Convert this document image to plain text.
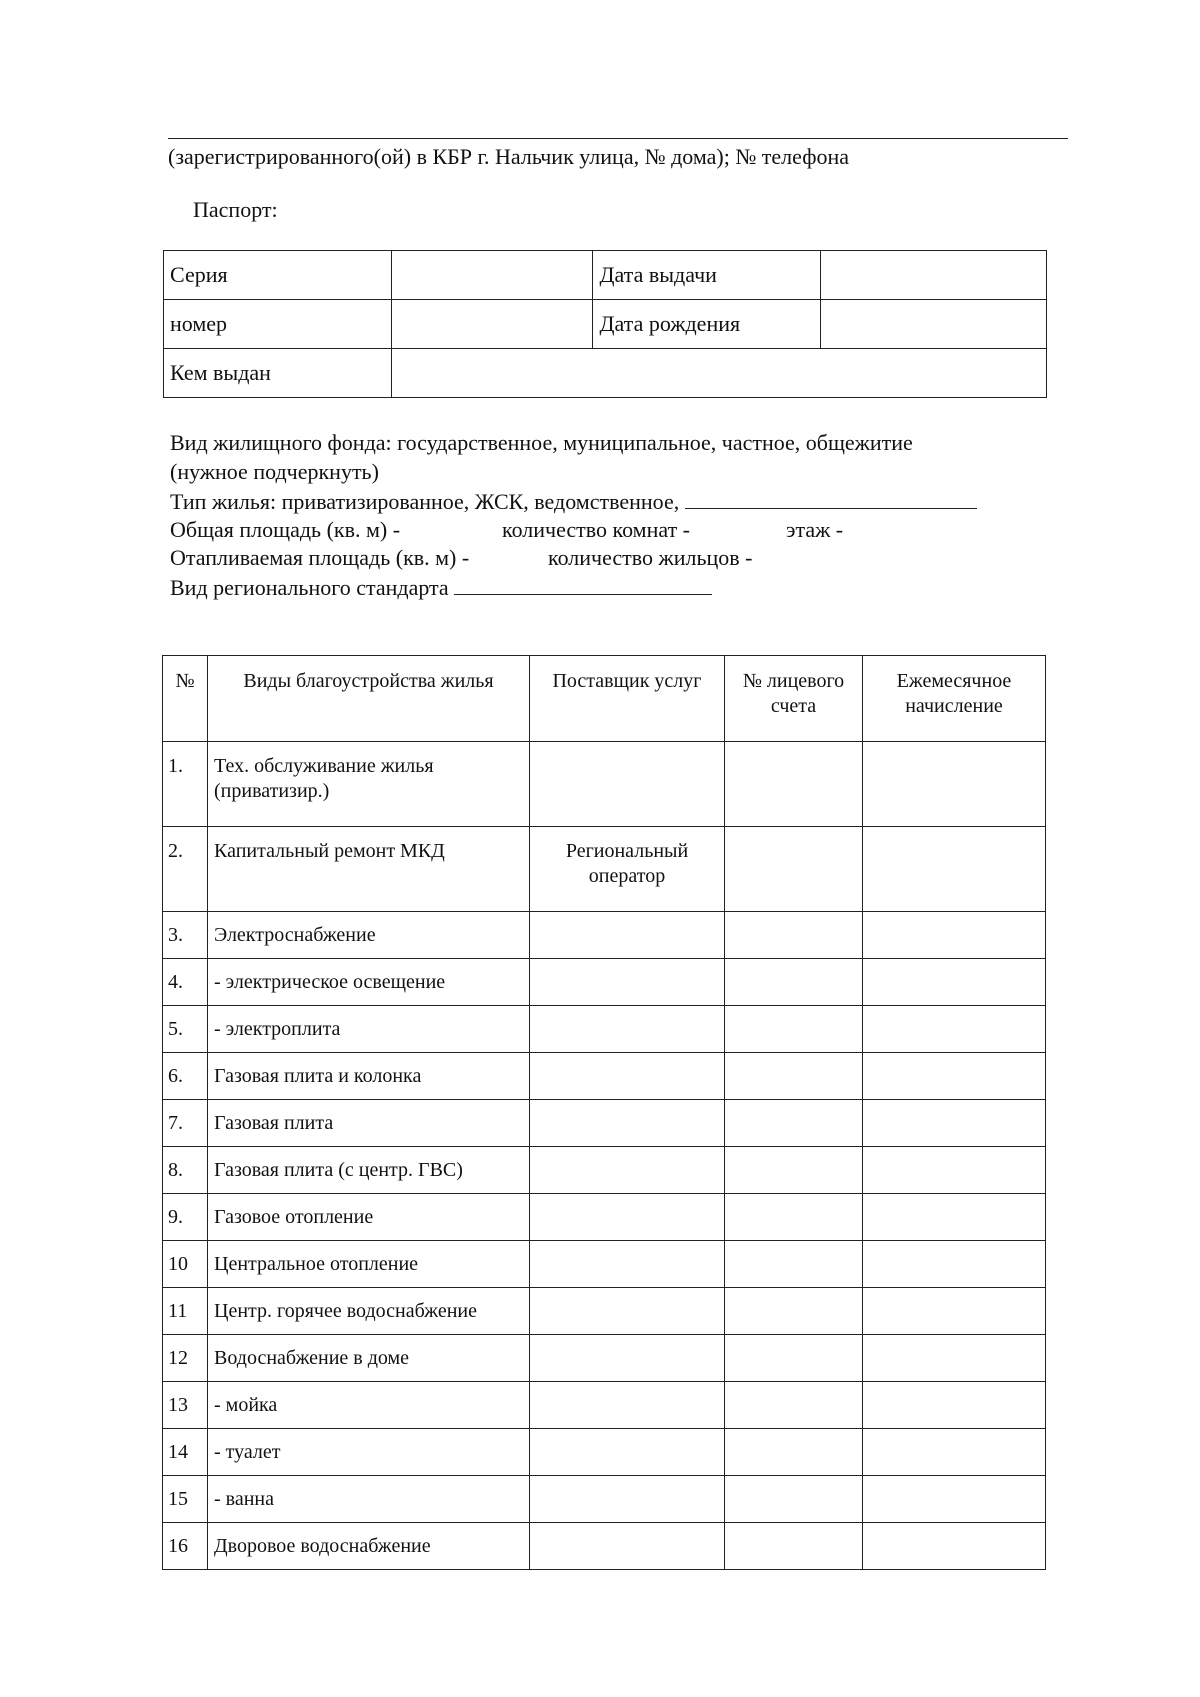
(зарегистрированного(ой) в КБР г. Нальчик улица, № дома); № телефона
Паспорт:
Серия		Дата выдачи	
номер		Дата рождения	
Кем выдан			
Вид жилищного фонда: государственное, муниципальное, частное, общежитие
(нужное подчеркнуть)
Тип жилья: приватизированное, ЖСК, ведомственное,
Общая площадь (кв. м) -	количество комнат -	этаж -
Отапливаемая площадь (кв. м) -	количество жильцов -
Вид регионального стандарта
№	Виды благоустройства жилья	Поставщик услуг	№ лицевого счета	Ежемесячное начисление
1.	Тех. обслуживание жилья (приватизир.)			
2.	Капитальный ремонт МКД	Региональный оператор		
3.	Электроснабжение			
4.	- электрическое освещение			
5.	- электроплита			
6.	Газовая плита и колонка			
7.	Газовая плита			
8.	Газовая плита (с центр. ГВС)			
9.	Газовое отопление			
10	Центральное отопление			
11	Центр. горячее водоснабжение			
12	Водоснабжение в доме			
13	- мойка			
14	- туалет			
15	- ванна			
16	Дворовое водоснабжение			
